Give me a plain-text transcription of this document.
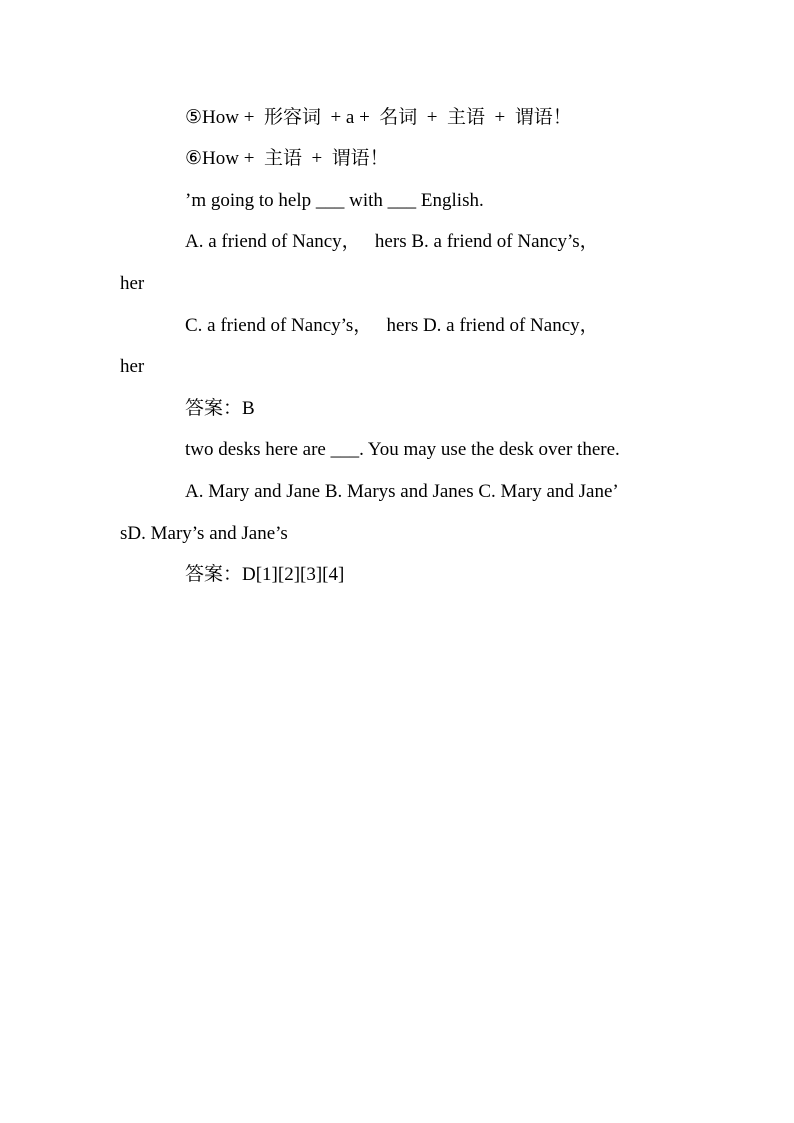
⑤How +  形容词  + a +  名词  +  主语  +  谓语！
⑥How +  主语  +  谓语！
’m going to help ___ with ___ English.
A. a friend of Nancy，   hers B. a friend of Nancy’s，
her
C. a friend of Nancy’s，   hers D. a friend of Nancy，
her
答案：B
two desks here are ___. You may use the desk over there.
A. Mary and Jane B. Marys and Janes C. Mary and Jane’
sD. Mary’s and Jane’s
答案：D[1][2][3][4]
